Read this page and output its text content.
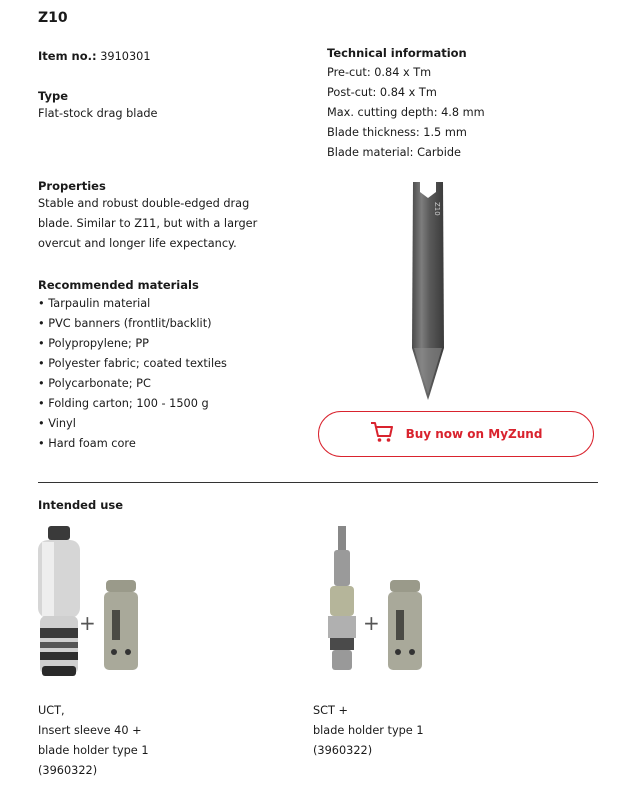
Z10
Item no.: 3910301
Type
Flat-stock drag blade
Properties
Stable and robust double-edged drag
blade. Similar to Z11, but with a larger
overcut and longer life expectancy.
Recommended materials
• Tarpaulin material
• PVC banners (frontlit/backlit)
• Polypropylene; PP
• Polyester fabric; coated textiles
• Polycarbonate; PC
• Folding carton; 100 - 1500 g
• Vinyl
• Hard foam core
Technical information
Pre-cut: 0.84 x Tm
Post-cut: 0.84 x Tm
Max. cutting depth: 4.8 mm
Blade thickness: 1.5 mm
Blade material: Carbide
Z10
Buy now on MyZund
Intended use
+	+
UCT,
Insert sleeve 40 +
blade holder type 1
(3960322)
SCT +
blade holder type 1
(3960322)
